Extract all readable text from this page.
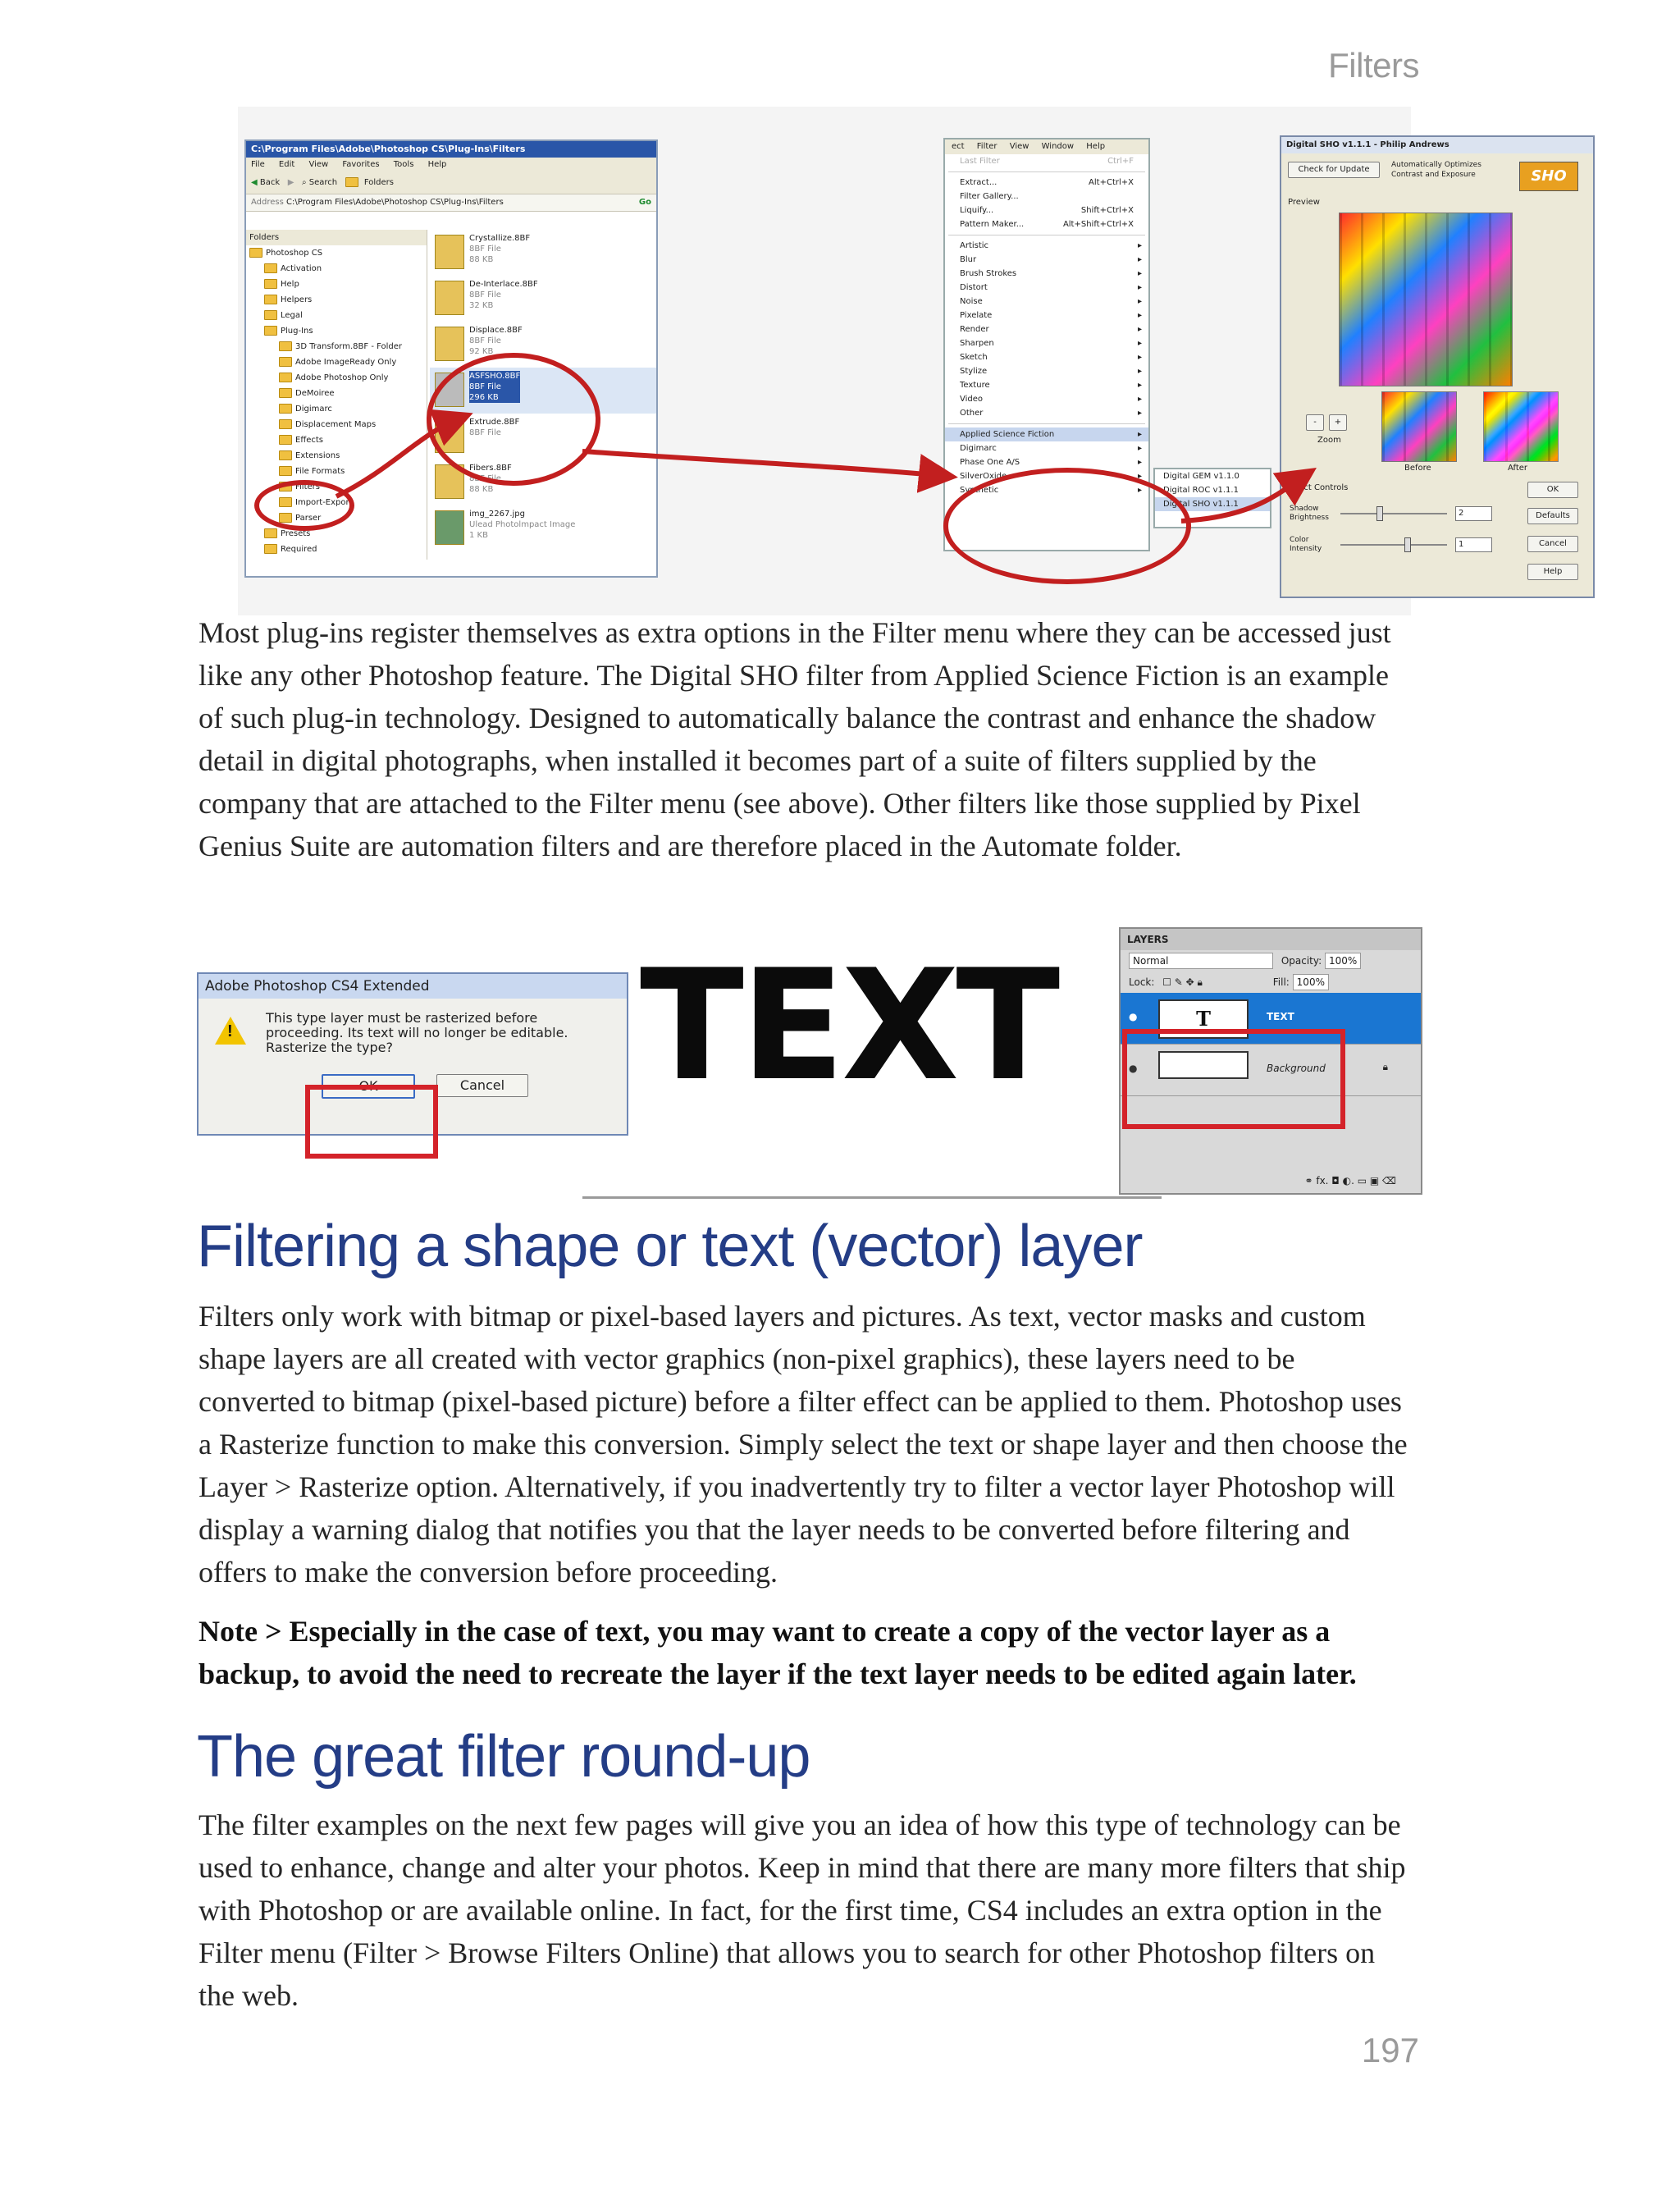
Filters
C:\Program Files\Adobe\Photoshop CS\Plug-Ins\Filters
File Edit View Favorites Tools Help
◀ Back ▶ ⌕ Search	Folders
Address C:\Program Files\Adobe\Photoshop CS\Plug-Ins\Filters	Go
Folders
Photoshop CS
Activation
Help
Helpers
Legal
Plug-Ins
3D Transform.8BF - Folder
Adobe ImageReady Only
Adobe Photoshop Only
DeMoiree
Digimarc
Displacement Maps
Effects
Extensions
File Formats
Filters
Import-Export
Parser
Presets
Required
Crystallize.8BF
8BF File
88 KB
De-Interlace.8BF
8BF File
32 KB
Displace.8BF
8BF File
92 KB
ASFSHO.8BF
8BF File
296 KB
Extrude.8BF
8BF File

Fibers.8BF
8BF File
88 KB
img_2267.jpg
Ulead Photolmpact Image
1 KB
ect Filter View Window Help
Last Filter	Ctrl+F
Extract...	Alt+Ctrl+X
Filter Gallery...
Liquify...	Shift+Ctrl+X
Pattern Maker...	Alt+Shift+Ctrl+X
Artistic	▸
Blur	▸
Brush Strokes	▸
Distort	▸
Noise	▸
Pixelate	▸
Render	▸
Sharpen	▸
Sketch	▸
Stylize	▸
Texture	▸
Video	▸
Other	▸
Applied Science Fiction	▸
Digimarc	▸
Phase One A/S	▸
SilverOxide	▸
Synthetic	▸
Digital GEM v1.1.0
Digital ROC v1.1.1
Digital SHO v1.1.1
Digital SHO v1.1.1 - Philip Andrews
Check for Update	Automatically Optimizes Contrast and Exposure	SHO
Preview
-	+
Zoom
Before	After
Effect Controls
Shadow Brightness	2
Color Intensity	1
OK
Defaults
Cancel
Help

Most plug-ins register themselves as extra options in the Filter menu where they can be accessed just like any other Photoshop feature. The Digital SHO filter from Applied Science Fiction is an example of such plug-in technology. Designed to automatically balance the contrast and enhance the shadow detail in digital photographs, when installed it becomes part of a suite of filters supplied by the company that are attached to the Filter menu (see above). Other filters like those supplied by Pixel Genius Suite are automation filters and are therefore placed in the Automate folder.

Adobe Photoshop CS4 Extended
!
This type layer must be rasterized before proceeding. Its text will no longer be editable. Rasterize the type?
OK	Cancel TEXT	LAYERS
Normal	Opacity: 100%
Lock: ☐ ✎ ✥ 🔒︎	Fill: 100%
●	T	TEXT
●	Background	🔒︎
⚭ fx. ◘ ◐. ▭ ▣ ⌫
Filtering a shape or text (vector) layer

Filters only work with bitmap or pixel-based layers and pictures. As text, vector masks and custom shape layers are all created with vector graphics (non-pixel graphics), these layers need to be converted to bitmap (pixel-based picture) before a filter effect can be applied to them. Photoshop uses a Rasterize function to make this conversion. Simply select the text or shape layer and then choose the Layer > Rasterize option. Alternatively, if you inadvertently try to filter a vector layer Photoshop will display a warning dialog that notifies you that the layer needs to be converted before filtering and offers to make the conversion before proceeding.

Note > Especially in the case of text, you may want to create a copy of the vector layer as a backup, to avoid the need to recreate the layer if the text layer needs to be edited again later.

The great filter round-up

The filter examples on the next few pages will give you an idea of how this type of technology can be used to enhance, change and alter your photos. Keep in mind that there are many more filters that ship with Photoshop or are available online. In fact, for the first time, CS4 includes an extra option in the Filter menu (Filter > Browse Filters Online) that allows you to search for other Photoshop filters on the web.

197
